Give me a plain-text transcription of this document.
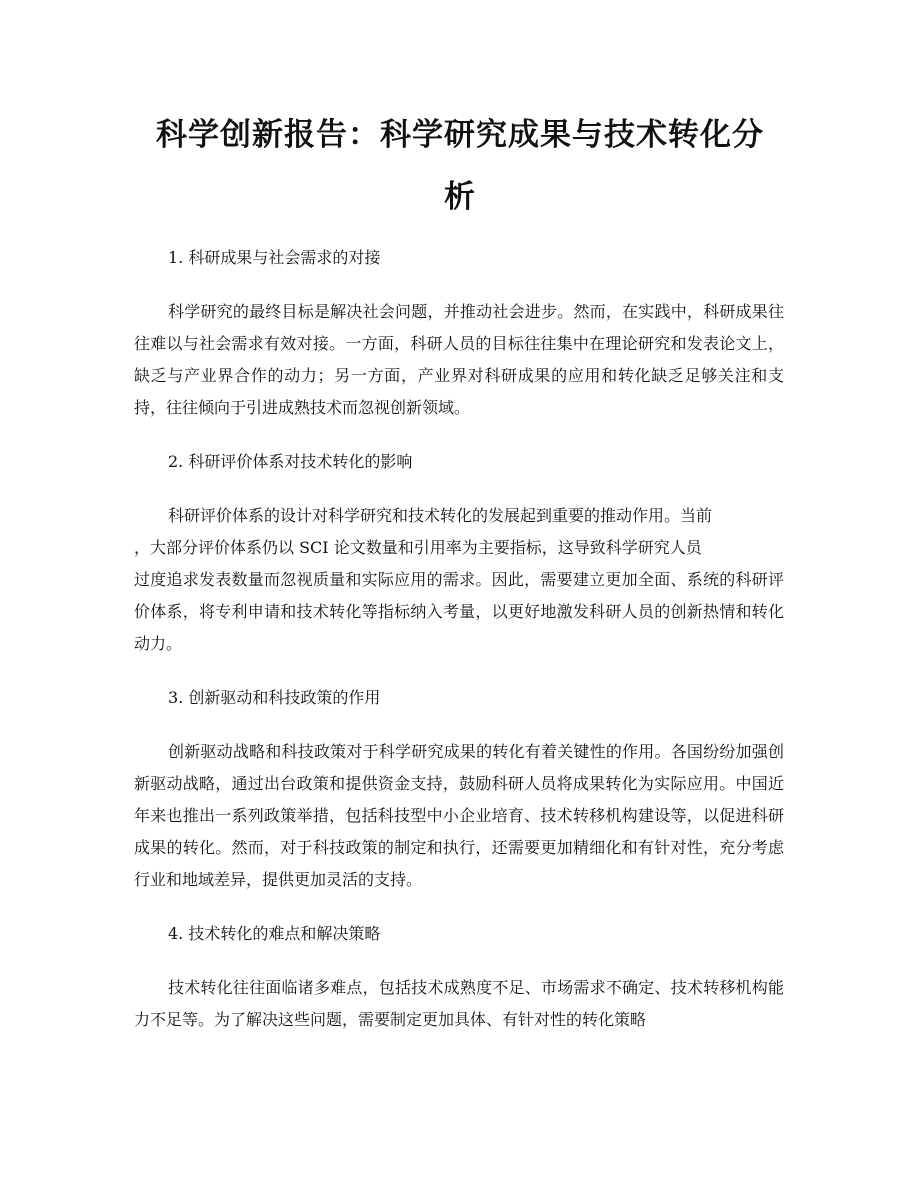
科学创新报告：科学研究成果与技术转化分
析

1. 科研成果与社会需求的对接

科学研究的最终目标是解决社会问题，并推动社会进步。然而，在实践中，科研成果往往难以与社会需求有效对接。一方面，科研人员的目标往往集中在理论研究和发表论文上，缺乏与产业界合作的动力；另一方面，产业界对科研成果的应用和转化缺乏足够关注和支持，往往倾向于引进成熟技术而忽视创新领域。

2. 科研评价体系对技术转化的影响

科研评价体系的设计对科学研究和技术转化的发展起到重要的推动作用。当前
，大部分评价体系仍以 SCI 论文数量和引用率为主要指标，这导致科学研究人员
过度追求发表数量而忽视质量和实际应用的需求。因此，需要建立更加全面、系统的科研评价体系，将专利申请和技术转化等指标纳入考量，以更好地激发科研人员的创新热情和转化动力。

3. 创新驱动和科技政策的作用

创新驱动战略和科技政策对于科学研究成果的转化有着关键性的作用。各国纷纷加强创新驱动战略，通过出台政策和提供资金支持，鼓励科研人员将成果转化为实际应用。中国近年来也推出一系列政策举措，包括科技型中小企业培育、技术转移机构建设等，以促进科研成果的转化。然而，对于科技政策的制定和执行，还需要更加精细化和有针对性，充分考虑行业和地域差异，提供更加灵活的支持。

4. 技术转化的难点和解决策略

技术转化往往面临诸多难点，包括技术成熟度不足、市场需求不确定、技术转移机构能力不足等。为了解决这些问题，需要制定更加具体、有针对性的转化策略
